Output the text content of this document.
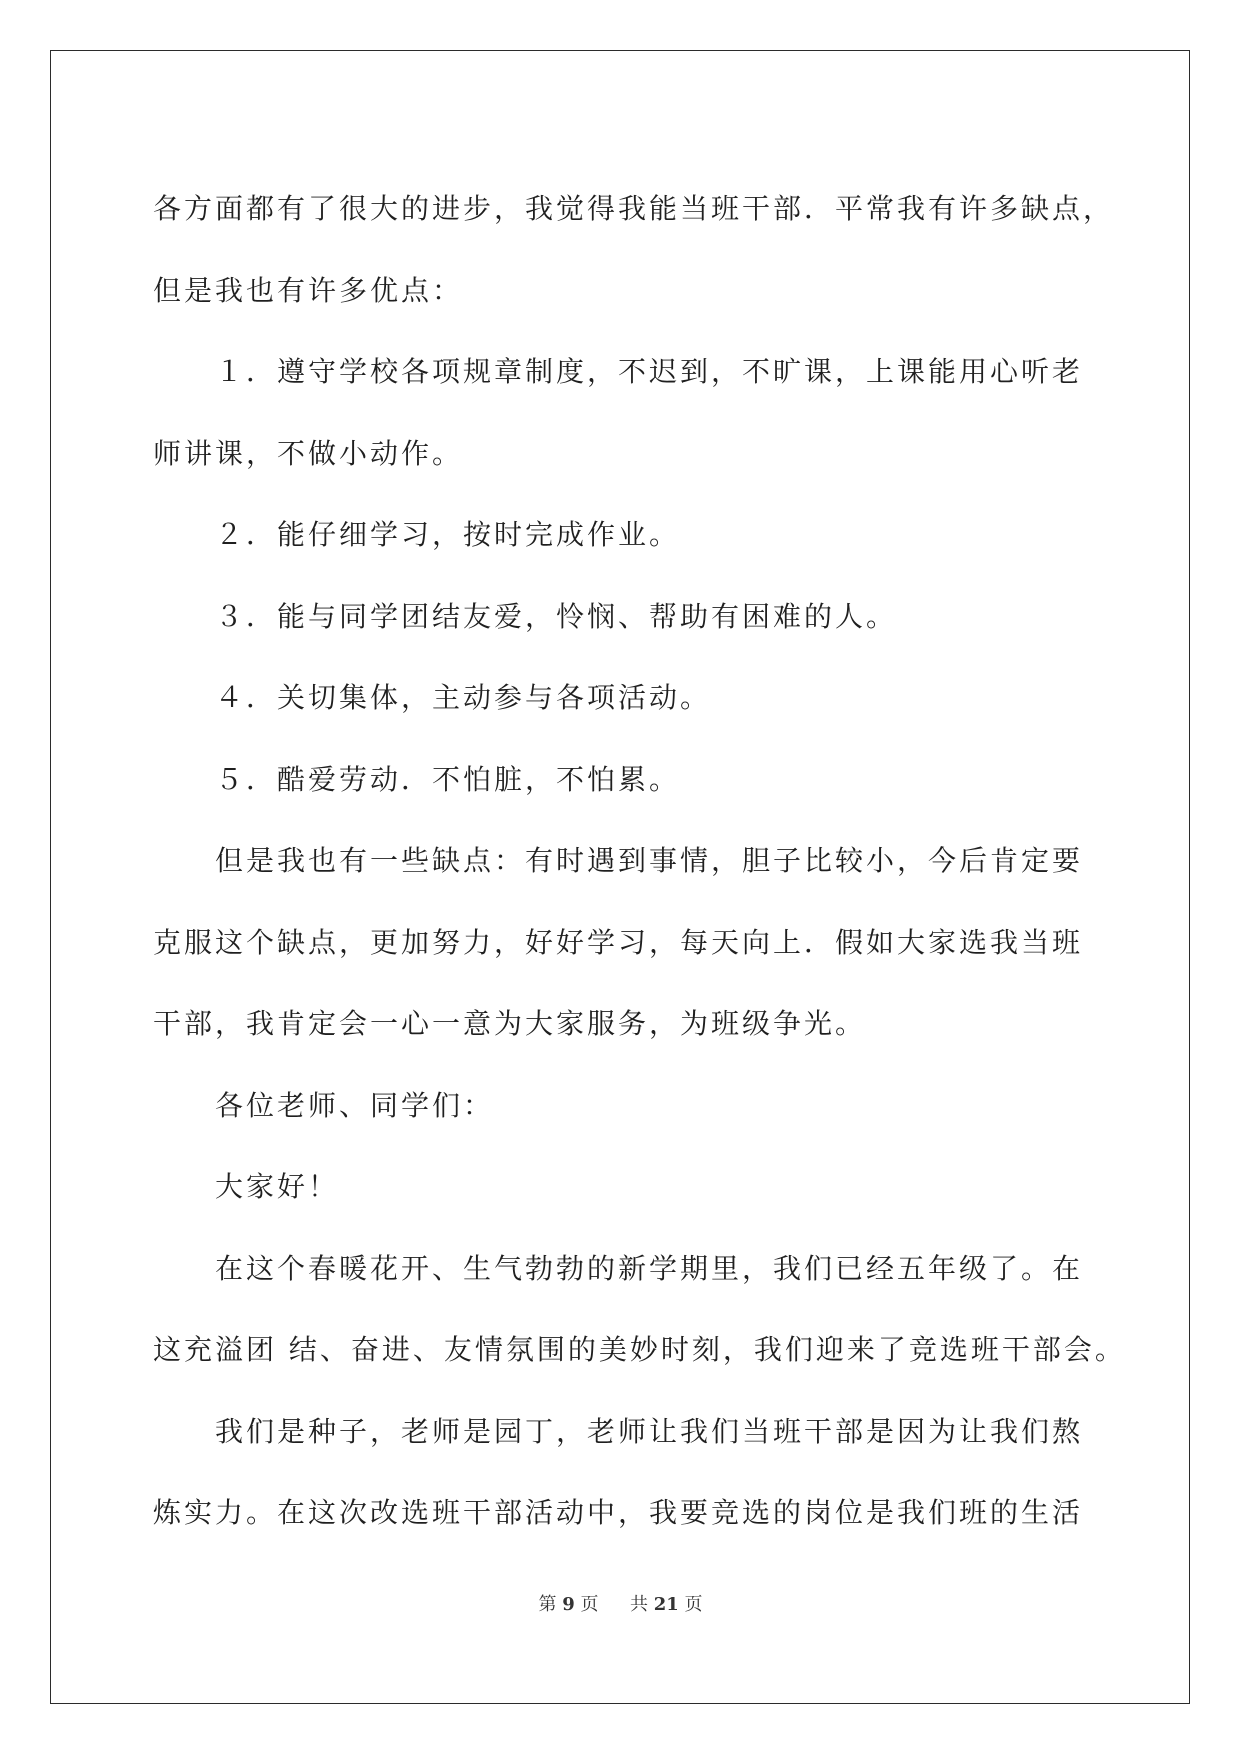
各方面都有了很大的进步，我觉得我能当班干部．平常我有许多缺点，
但是我也有许多优点：
１．遵守学校各项规章制度，不迟到，不旷课，上课能用心听老
师讲课，不做小动作。
２．能仔细学习，按时完成作业。
３．能与同学团结友爱，怜悯、帮助有困难的人。
４．关切集体，主动参与各项活动。
５．酷爱劳动．不怕脏，不怕累。
但是我也有一些缺点：有时遇到事情，胆子比较小，今后肯定要
克服这个缺点，更加努力，好好学习，每天向上．假如大家选我当班
干部，我肯定会一心一意为大家服务，为班级争光。
各位老师、同学们：
大家好！
在这个春暖花开、生气勃勃的新学期里，我们已经五年级了。在
这充溢团 结、奋进、友情氛围的美妙时刻，我们迎来了竞选班干部会。
我们是种子，老师是园丁，老师让我们当班干部是因为让我们熬
炼实力。在这次改选班干部活动中，我要竞选的岗位是我们班的生活
第 9 页 共 21 页
